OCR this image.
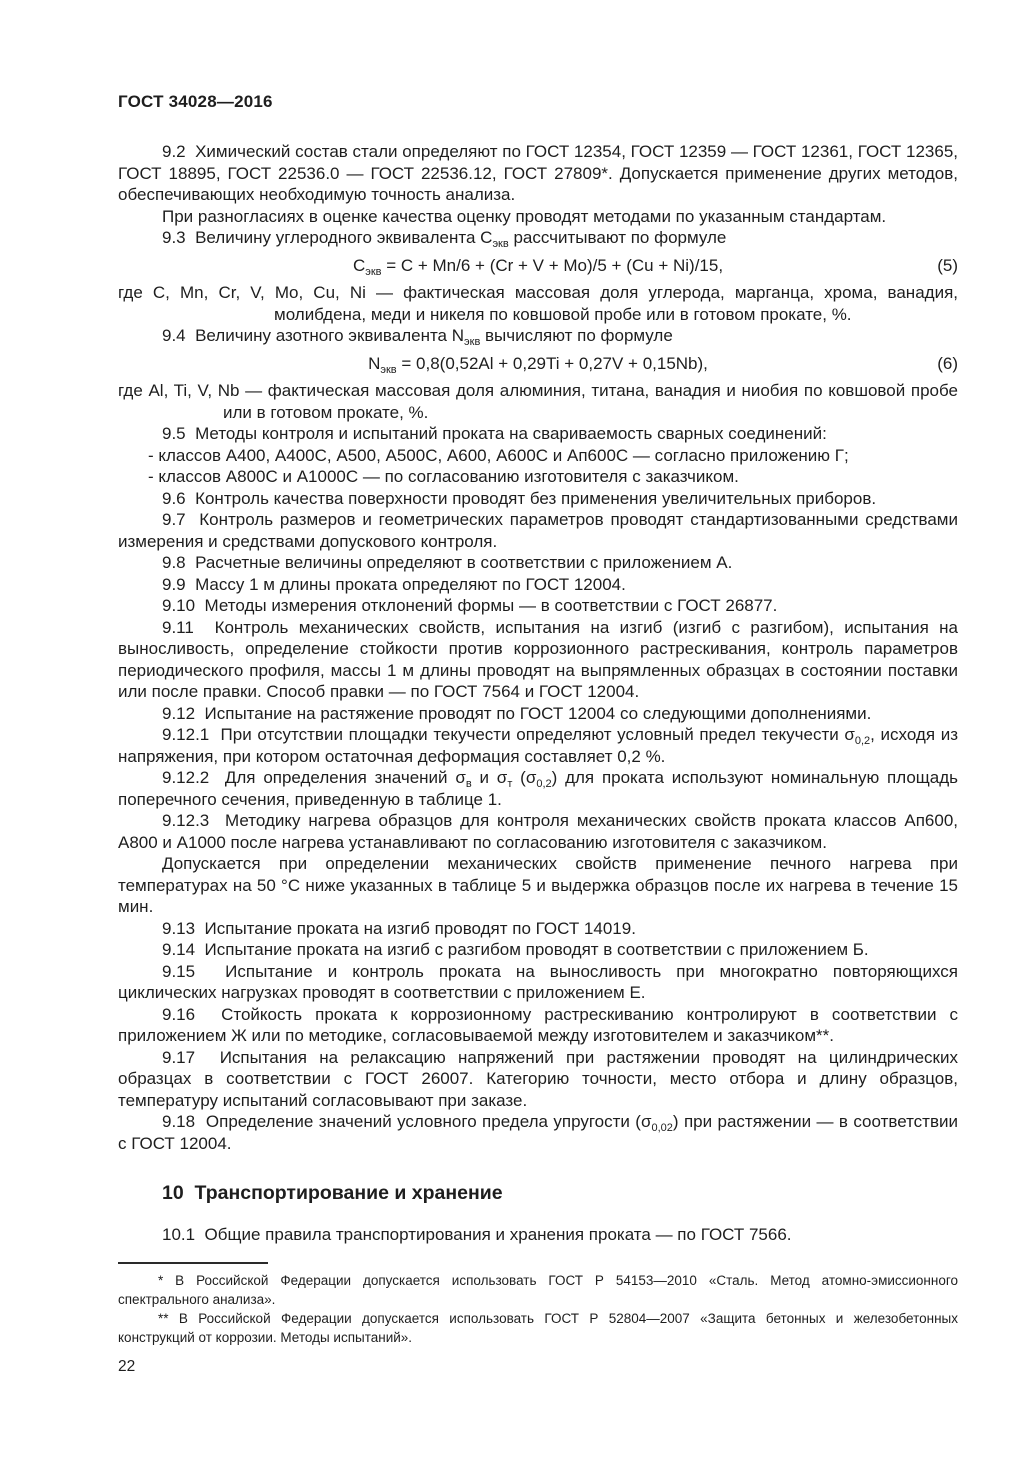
ГОСТ 34028—2016

9.2  Химический состав стали определяют по ГОСТ 12354, ГОСТ 12359 — ГОСТ 12361, ГОСТ 12365, ГОСТ 18895, ГОСТ 22536.0 — ГОСТ 22536.12, ГОСТ 27809*. Допускается применение других методов, обеспечивающих необходимую точность анализа.

При разногласиях в оценке качества оценку проводят методами по указанным стандартам.

9.3  Величину углеродного эквивалента $C_{экв}$ рассчитывают по формуле

$C_{экв} = C + Mn/6 + (Cr + V + Mo)/5 + (Cu + Ni)/15$,	(5)

где C, Mn, Cr, V, Mo, Cu, Ni — фактическая массовая доля углерода, марганца, хрома, ванадия, молибдена, меди и никеля по ковшовой пробе или в готовом прокате, %.

9.4  Величину азотного эквивалента $N_{экв}$ вычисляют по формуле

$N_{экв} = 0,8(0,52Al + 0,29Ti + 0,27V + 0,15Nb)$,	(6)

где Al, Ti, V, Nb — фактическая массовая доля алюминия, титана, ванадия и ниобия по ковшовой пробе или в готовом прокате, %.

9.5  Методы контроля и испытаний проката на свариваемость сварных соединений:

- классов А400, А400С, А500, А500С, А600, А600С и Ап600С — согласно приложению Г;

- классов А800С и А1000С — по согласованию изготовителя с заказчиком.

9.6  Контроль качества поверхности проводят без применения увеличительных приборов.

9.7  Контроль размеров и геометрических параметров проводят стандартизованными средствами измерения и средствами допускового контроля.

9.8  Расчетные величины определяют в соответствии с приложением А.

9.9  Массу 1 м длины проката определяют по ГОСТ 12004.

9.10  Методы измерения отклонений формы — в соответствии с ГОСТ 26877.

9.11  Контроль механических свойств, испытания на изгиб (изгиб с разгибом), испытания на выносливость, определение стойкости против коррозионного растрескивания, контроль параметров периодического профиля, массы 1 м длины проводят на выпрямленных образцах в состоянии поставки или после правки. Способ правки — по ГОСТ 7564 и ГОСТ 12004.

9.12  Испытание на растяжение проводят по ГОСТ 12004 со следующими дополнениями.

9.12.1  При отсутствии площадки текучести определяют условный предел текучести $\sigma_{0,2}$, исходя из напряжения, при котором остаточная деформация составляет 0,2 %.

9.12.2  Для определения значений $\sigma_в$ и $\sigma_т$ $(\sigma_{0,2})$ для проката используют номинальную площадь поперечного сечения, приведенную в таблице 1.

9.12.3  Методику нагрева образцов для контроля механических свойств проката классов Ап600, А800 и А1000 после нагрева устанавливают по согласованию изготовителя с заказчиком.

Допускается при определении механических свойств применение печного нагрева при температурах на 50 °С ниже указанных в таблице 5 и выдержка образцов после их нагрева в течение 15 мин.

9.13  Испытание проката на изгиб проводят по ГОСТ 14019.

9.14  Испытание проката на изгиб с разгибом проводят в соответствии с приложением Б.

9.15  Испытание и контроль проката на выносливость при многократно повторяющихся циклических нагрузках проводят в соответствии с приложением Е.

9.16  Стойкость проката к коррозионному растрескиванию контролируют в соответствии с приложением Ж или по методике, согласовываемой между изготовителем и заказчиком**.

9.17  Испытания на релаксацию напряжений при растяжении проводят на цилиндрических образцах в соответствии с ГОСТ 26007. Категорию точности, место отбора и длину образцов, температуру испытаний согласовывают при заказе.

9.18  Определение значений условного предела упругости $(\sigma_{0,02})$ при растяжении — в соответствии с ГОСТ 12004.

10  Транспортирование и хранение

10.1  Общие правила транспортирования и хранения проката — по ГОСТ 7566.

* В Российской Федерации допускается использовать ГОСТ Р 54153—2010 «Сталь. Метод атомно-эмиссионного спектрального анализа».

** В Российской Федерации допускается использовать ГОСТ Р 52804—2007 «Защита бетонных и железобетонных конструкций от коррозии. Методы испытаний».

22
